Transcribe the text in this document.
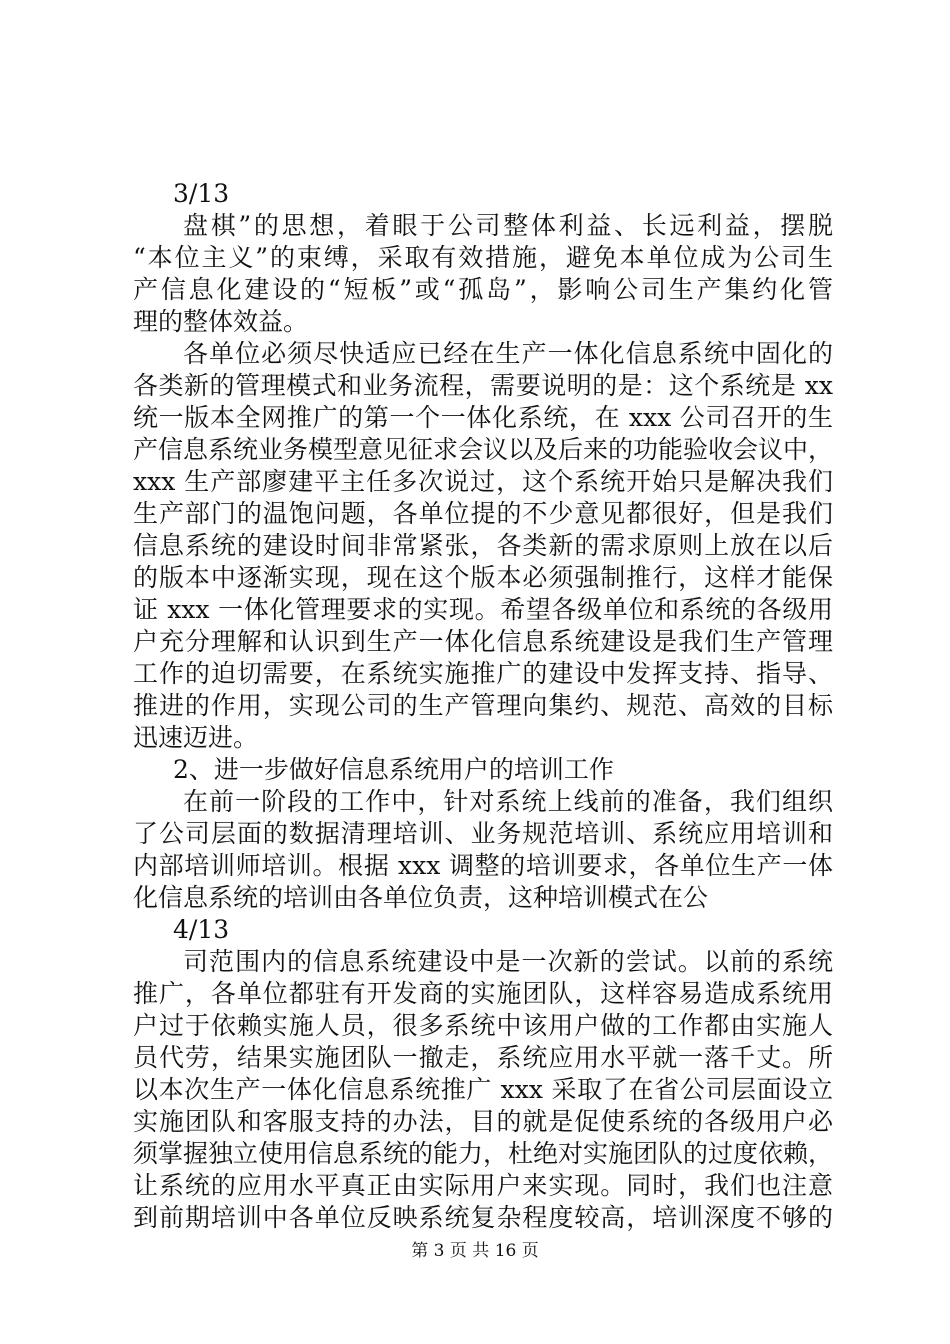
3/13
盘棋”的思想，着眼于公司整体利益、长远利益，摆脱
“本位主义”的束缚，采取有效措施，避免本单位成为公司生
产信息化建设的“短板”或“孤岛”，影响公司生产集约化管
理的整体效益。
各单位必须尽快适应已经在生产一体化信息系统中固化的
各类新的管理模式和业务流程，需要说明的是：这个系统是 xx
统一版本全网推广的第一个一体化系统，在 xxx 公司召开的生
产信息系统业务模型意见征求会议以及后来的功能验收会议中，
xxx 生产部廖建平主任多次说过，这个系统开始只是解决我们
生产部门的温饱问题，各单位提的不少意见都很好，但是我们
信息系统的建设时间非常紧张，各类新的需求原则上放在以后
的版本中逐渐实现，现在这个版本必须强制推行，这样才能保
证 xxx 一体化管理要求的实现。希望各级单位和系统的各级用
户充分理解和认识到生产一体化信息系统建设是我们生产管理
工作的迫切需要，在系统实施推广的建设中发挥支持、指导、
推进的作用，实现公司的生产管理向集约、规范、高效的目标
迅速迈进。
2、进一步做好信息系统用户的培训工作
在前一阶段的工作中，针对系统上线前的准备，我们组织
了公司层面的数据清理培训、业务规范培训、系统应用培训和
内部培训师培训。根据 xxx 调整的培训要求，各单位生产一体
化信息系统的培训由各单位负责，这种培训模式在公
4/13
司范围内的信息系统建设中是一次新的尝试。以前的系统
推广，各单位都驻有开发商的实施团队，这样容易造成系统用
户过于依赖实施人员，很多系统中该用户做的工作都由实施人
员代劳，结果实施团队一撤走，系统应用水平就一落千丈。所
以本次生产一体化信息系统推广 xxx 采取了在省公司层面设立
实施团队和客服支持的办法，目的就是促使系统的各级用户必
须掌握独立使用信息系统的能力，杜绝对实施团队的过度依赖，
让系统的应用水平真正由实际用户来实现。同时，我们也注意
到前期培训中各单位反映系统复杂程度较高，培训深度不够的
第 3 页 共 16 页
